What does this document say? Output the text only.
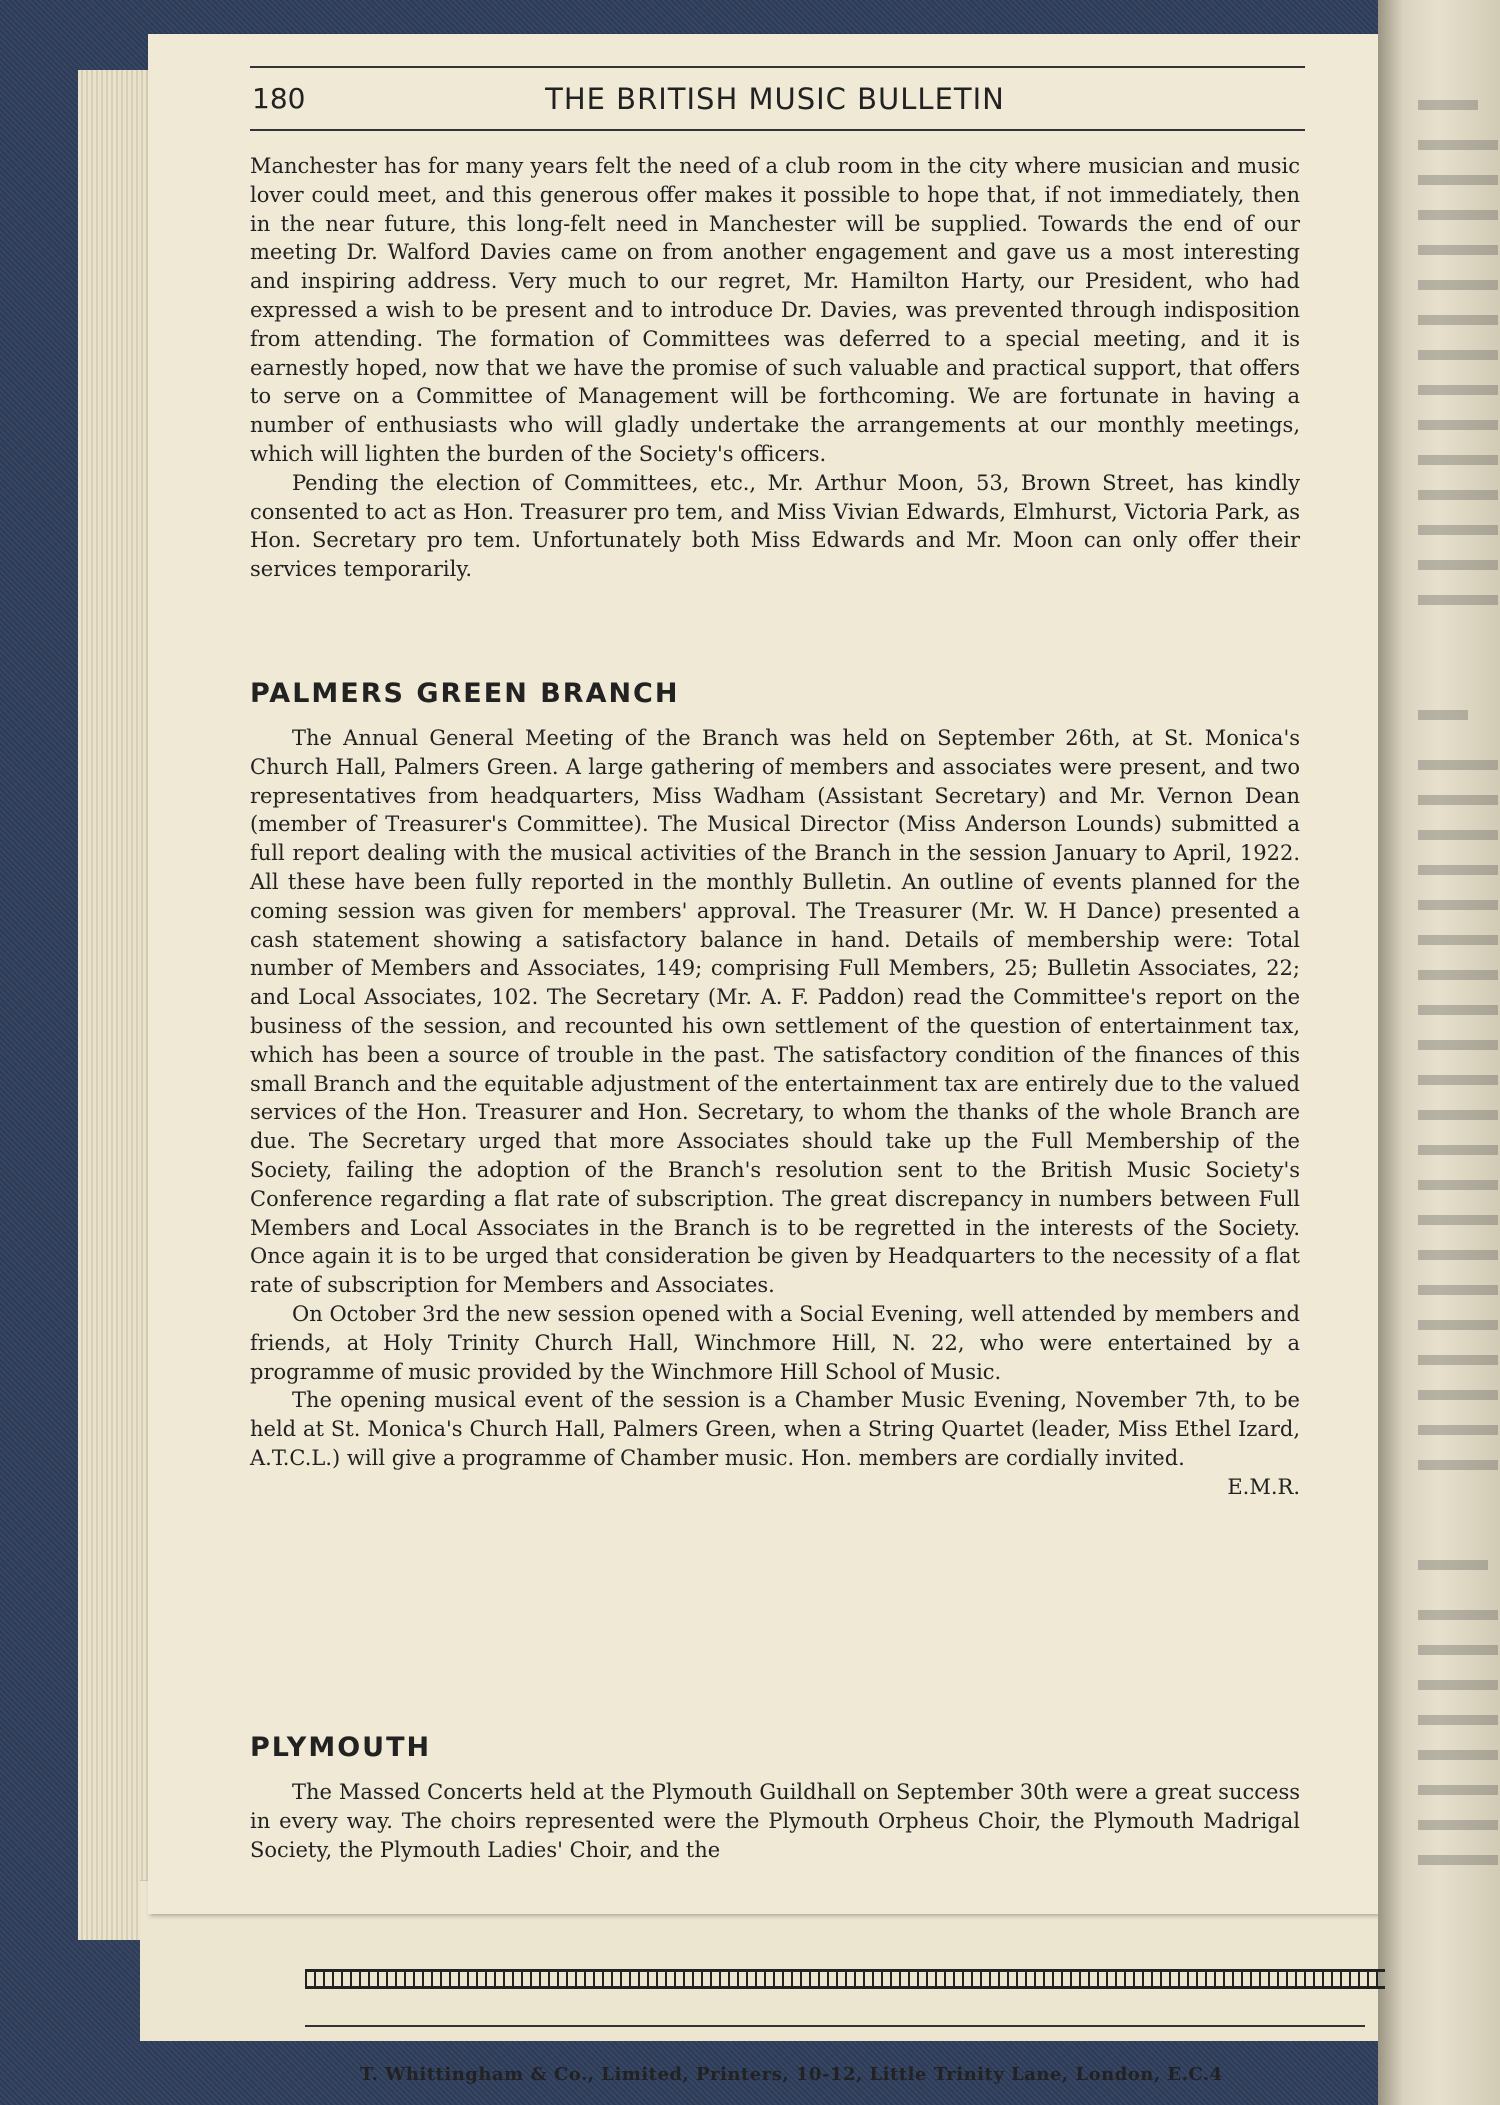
180	THE BRITISH MUSIC BULLETIN

Manchester has for many years felt the need of a club room in the city where musician and music lover could meet, and this generous offer makes it possible to hope that, if not immediately, then in the near future, this long-felt need in Manchester will be supplied. Towards the end of our meeting Dr. Walford Davies came on from another engagement and gave us a most interesting and inspiring address. Very much to our regret, Mr. Hamilton Harty, our President, who had expressed a wish to be present and to introduce Dr. Davies, was prevented through indisposition from attending. The formation of Committees was deferred to a special meeting, and it is earnestly hoped, now that we have the promise of such valuable and practical support, that offers to serve on a Committee of Management will be forthcoming. We are fortunate in having a number of enthusiasts who will gladly undertake the arrangements at our monthly meetings, which will lighten the burden of the Society's officers.

Pending the election of Committees, etc., Mr. Arthur Moon, 53, Brown Street, has kindly consented to act as Hon. Treasurer pro tem, and Miss Vivian Edwards, Elmhurst, Victoria Park, as Hon. Secretary pro tem. Unfortunately both Miss Edwards and Mr. Moon can only offer their services temporarily.

PALMERS GREEN BRANCH

The Annual General Meeting of the Branch was held on September 26th, at St. Monica's Church Hall, Palmers Green. A large gathering of members and associates were present, and two representatives from headquarters, Miss Wadham (Assistant Secretary) and Mr. Vernon Dean (member of Treasurer's Committee). The Musical Director (Miss Anderson Lounds) submitted a full report dealing with the musical activities of the Branch in the session January to April, 1922. All these have been fully reported in the monthly Bulletin. An outline of events planned for the coming session was given for members' approval. The Treasurer (Mr. W. H Dance) presented a cash statement showing a satisfactory balance in hand. Details of membership were: Total number of Members and Associates, 149; comprising Full Members, 25; Bulletin Associates, 22; and Local Associates, 102. The Secretary (Mr. A. F. Paddon) read the Committee's report on the business of the session, and recounted his own settlement of the question of entertainment tax, which has been a source of trouble in the past. The satisfactory condition of the finances of this small Branch and the equitable adjustment of the entertainment tax are entirely due to the valued services of the Hon. Treasurer and Hon. Secretary, to whom the thanks of the whole Branch are due. The Secretary urged that more Associates should take up the Full Membership of the Society, failing the adoption of the Branch's resolution sent to the British Music Society's Conference regarding a flat rate of subscription. The great discrepancy in numbers between Full Members and Local Associates in the Branch is to be regretted in the interests of the Society. Once again it is to be urged that consideration be given by Headquarters to the necessity of a flat rate of subscription for Members and Associates.

On October 3rd the new session opened with a Social Evening, well attended by members and friends, at Holy Trinity Church Hall, Winchmore Hill, N. 22, who were entertained by a programme of music provided by the Winchmore Hill School of Music.

The opening musical event of the session is a Chamber Music Evening, November 7th, to be held at St. Monica's Church Hall, Palmers Green, when a String Quartet (leader, Miss Ethel Izard, A.T.C.L.) will give a programme of Chamber music. Hon. members are cordially invited.

E.M.R.
PLYMOUTH

The Massed Concerts held at the Plymouth Guildhall on September 30th were a great success in every way. The choirs represented were the Plymouth Orpheus Choir, the Plymouth Madrigal Society, the Plymouth Ladies' Choir, and the

T. Whittingham & Co., Limited, Printers, 10-12, Little Trinity Lane, London, E.C.4
